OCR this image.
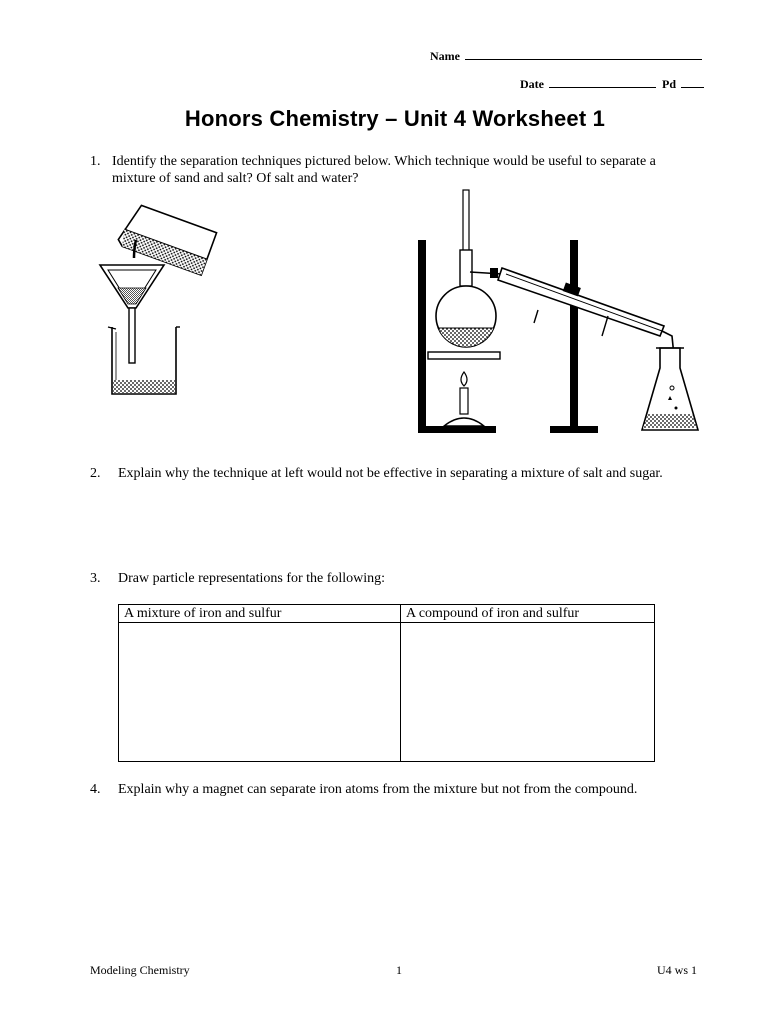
Name
Date	Pd
Honors Chemistry – Unit 4 Worksheet 1
1. Identify the separation techniques pictured below. Which technique would be useful to separate a mixture of sand and salt? Of salt and water?
2. Explain why the technique at left would not be effective in separating a mixture of salt and sugar.
3. Draw particle representations for the following:
A mixture of iron and sulfur	A compound of iron and sulfur

4. Explain why a magnet can separate iron atoms from the mixture but not from the compound.
Modeling Chemistry	1	U4 ws 1
